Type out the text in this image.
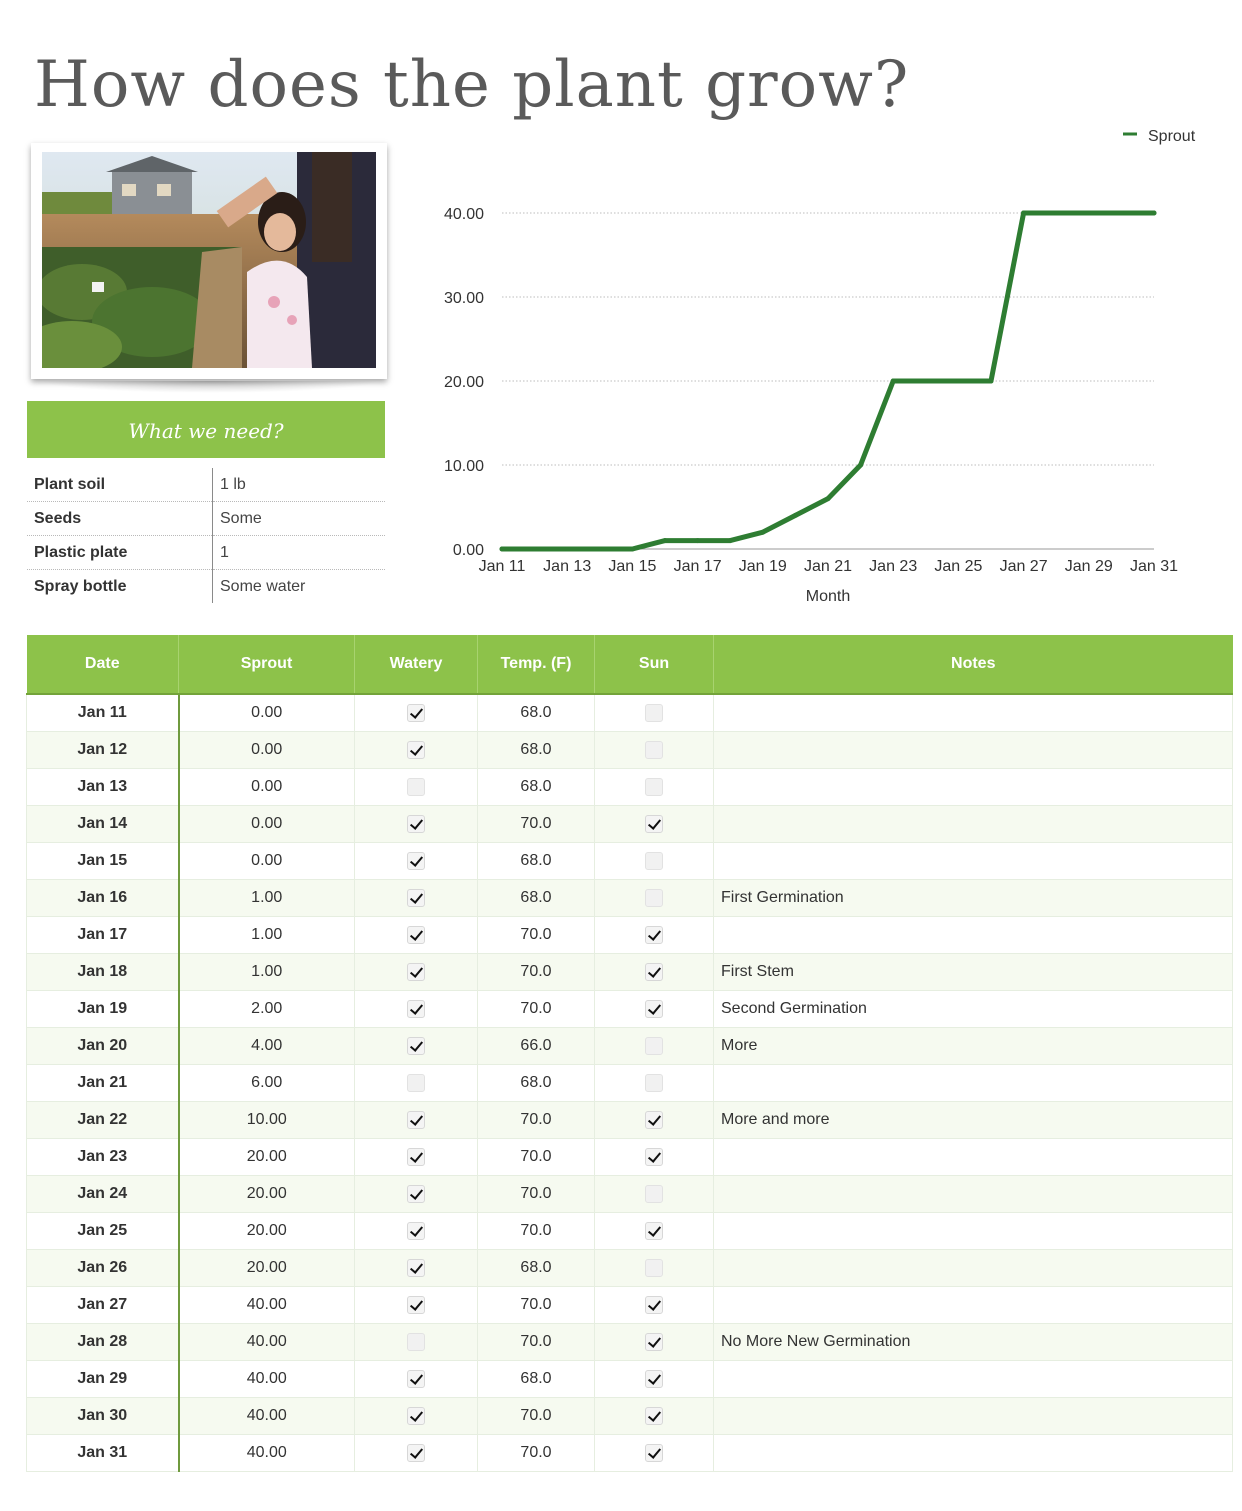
How does the plant grow?
What we need?
Plant soil	1 lb
Seeds	Some
Plastic plate	1
Spray bottle	Some water
0.00
10.00
20.00
30.00
40.00
Jan 11 Jan 13 Jan 15 Jan 17 Jan 19 Jan 21 Jan 23 Jan 25 Jan 27 Jan 29 Jan 31
Month
Sprout
Date	Sprout	Watery	Temp. (F)	Sun	Notes
Jan 11	0.00		68.0		
Jan 12	0.00		68.0		
Jan 13	0.00		68.0		
Jan 14	0.00		70.0		
Jan 15	0.00		68.0		
Jan 16	1.00		68.0		First Germination
Jan 17	1.00		70.0		
Jan 18	1.00		70.0		First Stem
Jan 19	2.00		70.0		Second Germination
Jan 20	4.00		66.0		More
Jan 21	6.00		68.0		
Jan 22	10.00		70.0		More and more
Jan 23	20.00		70.0		
Jan 24	20.00		70.0		
Jan 25	20.00		70.0		
Jan 26	20.00		68.0		
Jan 27	40.00		70.0		
Jan 28	40.00		70.0		No More New Germination
Jan 29	40.00		68.0		
Jan 30	40.00		70.0		
Jan 31	40.00		70.0		
